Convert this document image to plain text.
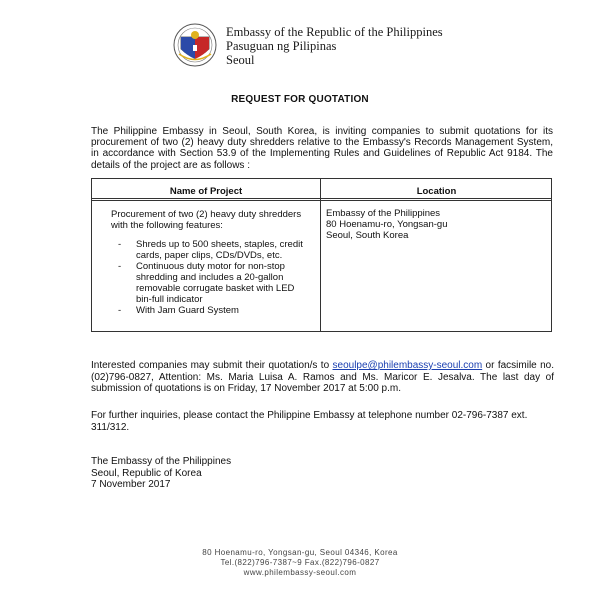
Embassy of the Republic of the Philippines
Pasuguan ng Pilipinas
Seoul
REQUEST FOR QUOTATION
The Philippine Embassy in Seoul, South Korea, is inviting companies to submit quotations for its procurement of two (2) heavy duty shredders relative to the Embassy's Records Management System, in accordance with Section 53.9 of the Implementing Rules and Guidelines of Republic Act 9184. The details of the project are as follows :
Name of Project	Location
Procurement of two (2) heavy duty shredders with the following features:
- Shreds up to 500 sheets, staples, credit cards, paper clips, CDs/DVDs, etc.
- Continuous duty motor for non-stop shredding and includes a 20-gallon removable corrugate basket with LED bin-full indicator
- With Jam Guard System
Embassy of the Philippines
80 Hoenamu-ro, Yongsan-gu
Seoul, South Korea
Interested companies may submit their quotation/s to seoulpe@philembassy-seoul.com or facsimile no. (02)796-0827, Attention: Ms. Maria Luisa A. Ramos and Ms. Maricor E. Jesalva. The last day of submission of quotations is on Friday, 17 November 2017 at 5:00 p.m.
For further inquiries, please contact the Philippine Embassy at telephone number 02-796-7387 ext. 311/312.
The Embassy of the Philippines
Seoul, Republic of Korea
7 November 2017
80 Hoenamu-ro, Yongsan-gu, Seoul 04346, Korea
Tel.(822)796-7387~9 Fax.(822)796-0827
www.philembassy-seoul.com
